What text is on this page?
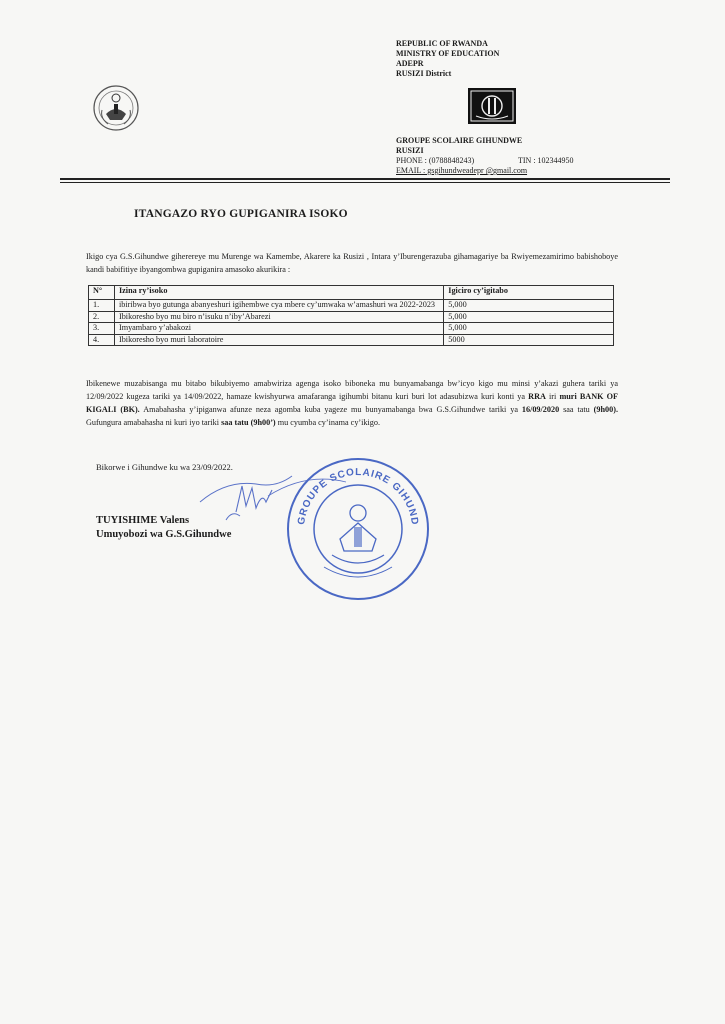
REPUBLIC OF RWANDA
MINISTRY OF EDUCATION
ADEPR
RUSIZI District
GROUPE SCOLAIRE GIHUNDWE
RUSIZI
PHONE : (0788848243)	TIN : 102344950
EMAIL : gsgihundweadepr @gmail.com
ITANGAZO RYO GUPIGANIRA ISOKO
Ikigo cya G.S.Gihundwe giherereye mu Murenge wa Kamembe, Akarere ka Rusizi , Intara y’Iburengerazuba gihamagariye ba Rwiyemezamirimo babishoboye kandi babifitiye ibyangombwa gupiganira amasoko akurikira :
N°	Izina ry’isoko	Igiciro cy’igitabo
1.	ibiribwa byo gutunga abanyeshuri igihembwe cya mbere cy’umwaka w’amashuri wa 2022-2023	5,000
2.	Ibikoresho byo mu biro n’isuku n’iby’Abarezi	5,000
3.	Imyambaro y’abakozi	5,000
4.	Ibikoresho byo muri laboratoire	5000
Ibikenewe muzabisanga mu bitabo bikubiyemo amabwiriza agenga isoko biboneka mu bunyamabanga bw’icyo kigo mu minsi y’akazi guhera tariki ya 12/09/2022 kugeza tariki ya 14/09/2022, hamaze kwishyurwa amafaranga igihumbi bitanu kuri buri lot adasubizwa kuri konti ya RRA iri muri BANK OF KIGALI (BK). Amabahasha y’ipiganwa afunze neza agomba kuba yageze mu bunyamabanga bwa G.S.Gihundwe tariki ya 16/09/2020 saa tatu (9h00). Gufungura amabahasha ni kuri iyo tariki saa tatu (9h00’) mu cyumba cy’inama cy’ikigo.
Bikorwe i Gihundwe ku wa 23/09/2022.
GROUPE SCOLAIRE GIHUND
TUYISHIME Valens
Umuyobozi wa G.S.Gihundwe
